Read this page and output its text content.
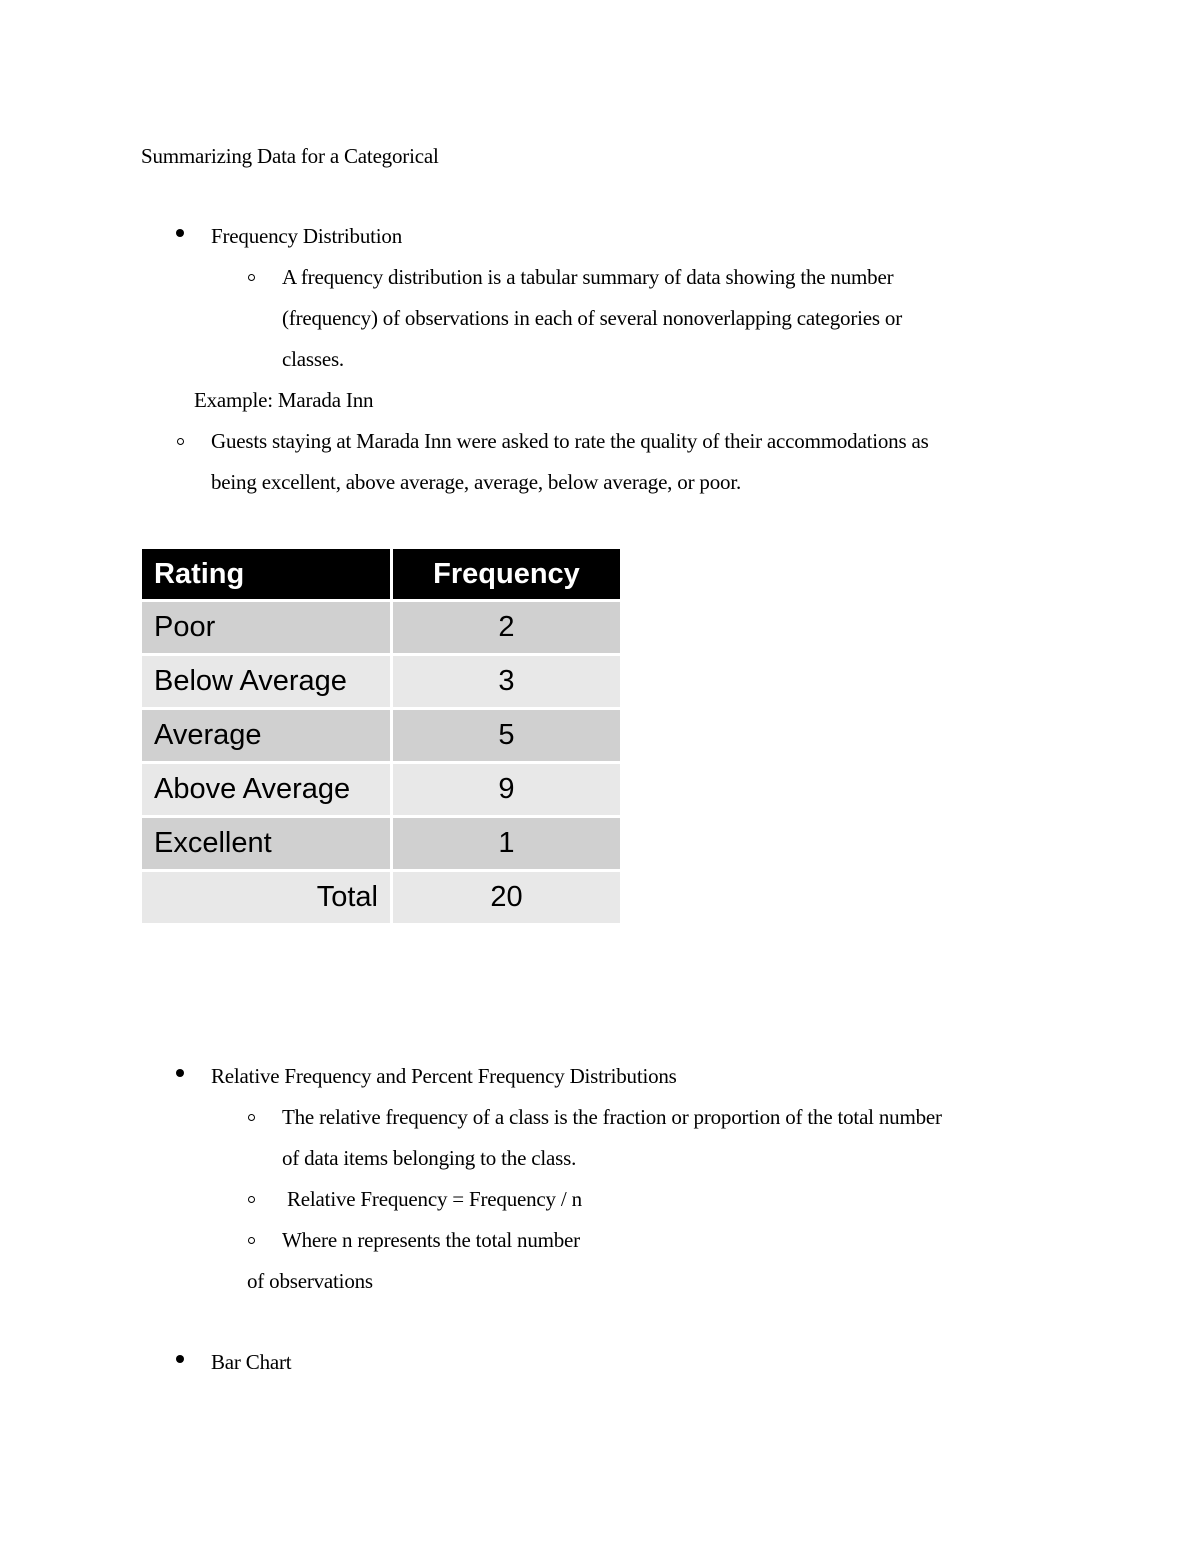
Summarizing Data for a Categorical
Frequency Distribution
A frequency distribution is a tabular summary of data showing the number
(frequency) of observations in each of several nonoverlapping categories or
classes.
Example: Marada Inn
Guests staying at Marada Inn were asked to rate the quality of their accommodations as
being excellent, above average, average, below average, or poor.
Rating	Frequency
Poor	2
Below Average	3
Average	5
Above Average	9
Excellent	1
Total	20
Relative Frequency and Percent Frequency Distributions
The relative frequency of a class is the fraction or proportion of the total number
of data items belonging to the class.
Relative Frequency = Frequency / n
Where n represents the total number
of observations
Bar Chart
